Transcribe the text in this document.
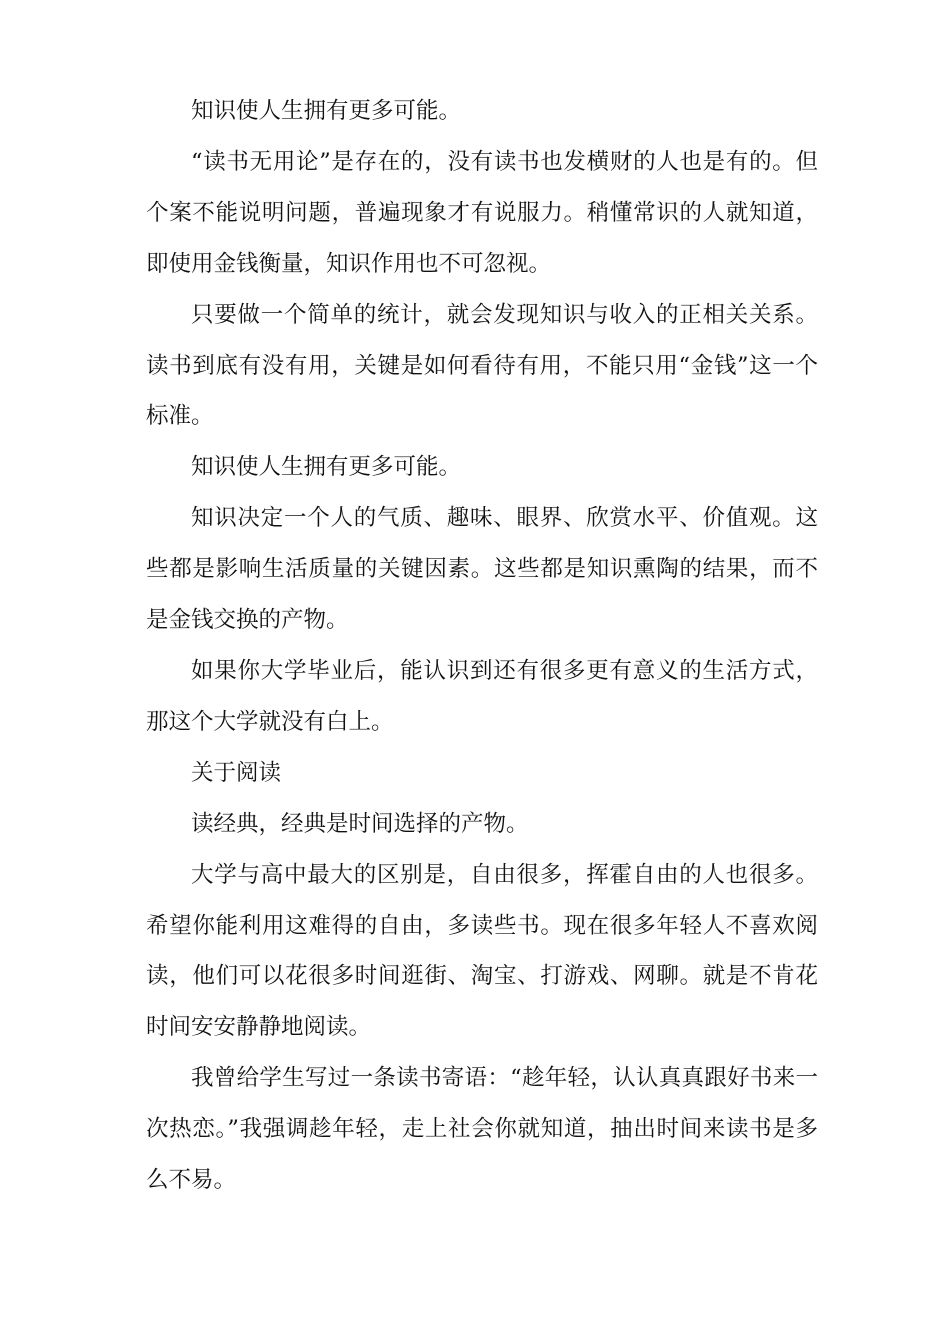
知识使人生拥有更多可能。

“读书无用论”是存在的，没有读书也发横财的人也是有的。但个案不能说明问题，普遍现象才有说服力。稍懂常识的人就知道，即使用金钱衡量，知识作用也不可忽视。

只要做一个简单的统计，就会发现知识与收入的正相关关系。读书到底有没有用，关键是如何看待有用，不能只用“金钱”这一个标准。

知识使人生拥有更多可能。

知识决定一个人的气质、趣味、眼界、欣赏水平、价值观。这些都是影响生活质量的关键因素。这些都是知识熏陶的结果，而不是金钱交换的产物。

如果你大学毕业后，能认识到还有很多更有意义的生活方式，那这个大学就没有白上。

关于阅读

读经典，经典是时间选择的产物。

大学与高中最大的区别是，自由很多，挥霍自由的人也很多。希望你能利用这难得的自由，多读些书。现在很多年轻人不喜欢阅读，他们可以花很多时间逛街、淘宝、打游戏、网聊。就是不肯花时间安安静静地阅读。

我曾给学生写过一条读书寄语：“趁年轻，认认真真跟好书来一次热恋。”我强调趁年轻，走上社会你就知道，抽出时间来读书是多么不易。
